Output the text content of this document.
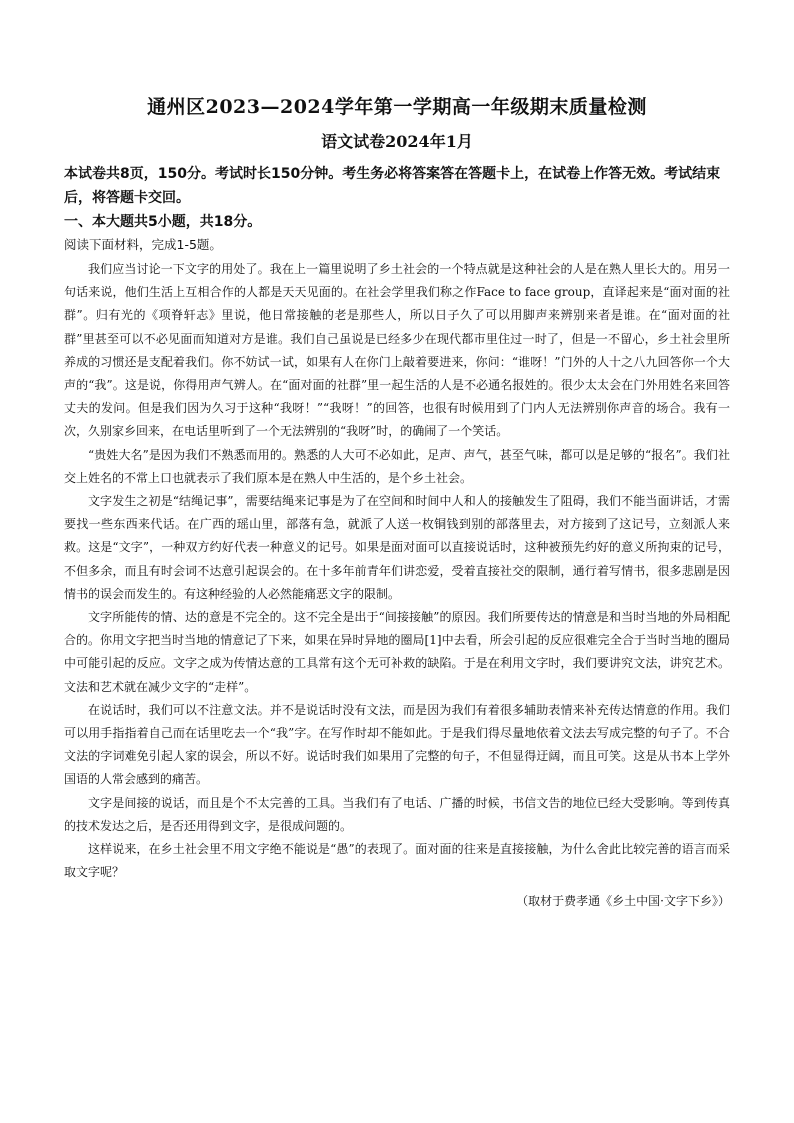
通州区2023—2024学年第一学期高一年级期末质量检测
语文试卷2024年1月

本试卷共8页，150分。考试时长150分钟。考生务必将答案答在答题卡上，在试卷上作答无效。考试结束后，将答题卡交回。

一、本大题共5小题，共18分。

阅读下面材料，完成1-5题。

我们应当讨论一下文字的用处了。我在上一篇里说明了乡土社会的一个特点就是这种社会的人是在熟人里长大的。用另一句话来说，他们生活上互相合作的人都是天天见面的。在社会学里我们称之作Face to face group，直译起来是“面对面的社群”。归有光的《项脊轩志》里说，他日常接触的老是那些人，所以日子久了可以用脚声来辨别来者是谁。在“面对面的社群”里甚至可以不必见面而知道对方是谁。我们自己虽说是已经多少在现代都市里住过一时了，但是一不留心，乡土社会里所养成的习惯还是支配着我们。你不妨试一试，如果有人在你门上敲着要进来，你问：“谁呀！”门外的人十之八九回答你一个大声的“我”。这是说，你得用声气辨人。在“面对面的社群”里一起生活的人是不必通名报姓的。很少太太会在门外用姓名来回答丈夫的发问。但是我们因为久习于这种“我呀！”“我呀！”的回答，也很有时候用到了门内人无法辨别你声音的场合。我有一次，久别家乡回来，在电话里听到了一个无法辨别的“我呀”时，的确闹了一个笑话。

“贵姓大名”是因为我们不熟悉而用的。熟悉的人大可不必如此，足声、声气，甚至气味，都可以是足够的“报名”。我们社交上姓名的不常上口也就表示了我们原本是在熟人中生活的，是个乡土社会。

文字发生之初是“结绳记事”，需要结绳来记事是为了在空间和时间中人和人的接触发生了阻碍，我们不能当面讲话，才需要找一些东西来代话。在广西的瑶山里，部落有急，就派了人送一枚铜钱到别的部落里去，对方接到了这记号，立刻派人来救。这是“文字”，一种双方约好代表一种意义的记号。如果是面对面可以直接说话时，这种被预先约好的意义所拘束的记号，不但多余，而且有时会词不达意引起误会的。在十多年前青年们讲恋爱，受着直接社交的限制，通行着写情书，很多悲剧是因情书的误会而发生的。有这种经验的人必然能痛恶文字的限制。

文字所能传的情、达的意是不完全的。这不完全是出于“间接接触”的原因。我们所要传达的情意是和当时当地的外局相配合的。你用文字把当时当地的情意记了下来，如果在异时异地的圈局[1]中去看，所会引起的反应很难完全合于当时当地的圈局中可能引起的反应。文字之成为传情达意的工具常有这个无可补救的缺陷。于是在利用文字时，我们要讲究文法，讲究艺术。文法和艺术就在减少文字的“走样”。

在说话时，我们可以不注意文法。并不是说话时没有文法，而是因为我们有着很多辅助表情来补充传达情意的作用。我们可以用手指指着自己而在话里吃去一个“我”字。在写作时却不能如此。于是我们得尽量地依着文法去写成完整的句子了。不合文法的字词难免引起人家的误会，所以不好。说话时我们如果用了完整的句子，不但显得迂阔，而且可笑。这是从书本上学外国语的人常会感到的痛苦。

文字是间接的说话，而且是个不太完善的工具。当我们有了电话、广播的时候，书信文告的地位已经大受影响。等到传真的技术发达之后，是否还用得到文字，是很成问题的。

这样说来，在乡土社会里不用文字绝不能说是“愚”的表现了。面对面的往来是直接接触，为什么舍此比较完善的语言而采取文字呢？

（取材于费孝通《乡土中国·文字下乡》）
